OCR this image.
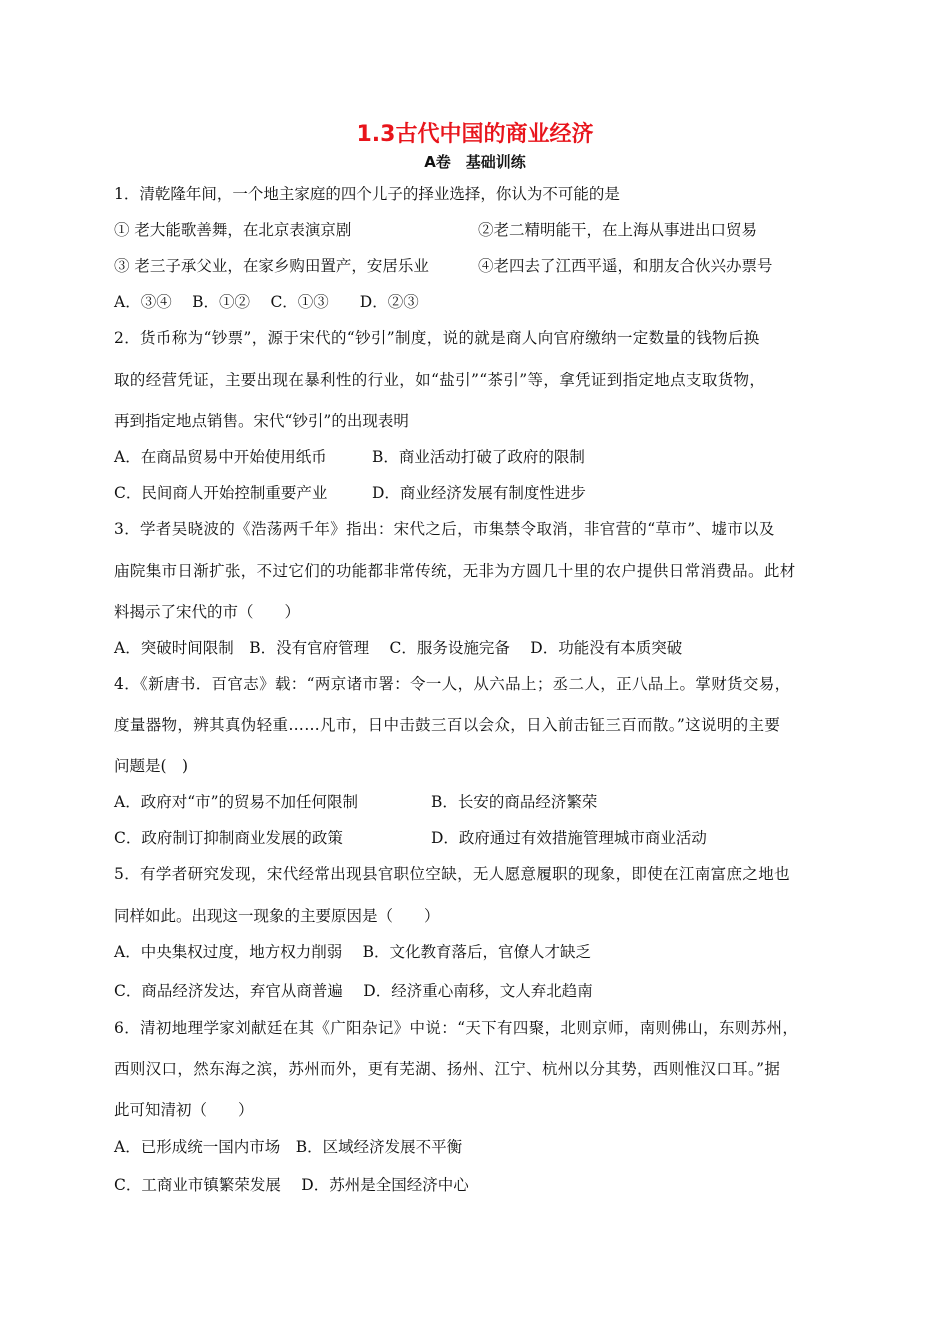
1.3古代中国的商业经济
A卷　基础训练
1．清乾隆年间，一个地主家庭的四个儿子的择业选择，你认为不可能的是
① 老大能歌善舞，在北京表演京剧	②老二精明能干，在上海从事进出口贸易
③ 老三子承父业，在家乡购田置产，安居乐业	④老四去了江西平遥，和朋友合伙兴办票号
A．③④　 B．①②　 C．①③　　D．②③
2．货币称为“钞票”，源于宋代的“钞引”制度，说的就是商人向官府缴纳一定数量的钱物后换
取的经营凭证，主要出现在暴利性的行业，如“盐引”“茶引”等，拿凭证到指定地点支取货物，
再到指定地点销售。宋代“钞引”的出现表明
A．在商品贸易中开始使用纸币	B．商业活动打破了政府的限制
C．民间商人开始控制重要产业	D．商业经济发展有制度性进步
3．学者吴晓波的《浩荡两千年》指出：宋代之后，市集禁令取消，非官营的“草市”、墟市以及
庙院集市日渐扩张，不过它们的功能都非常传统，无非为方圆几十里的农户提供日常消费品。此材
料揭示了宋代的市（　　）
A．突破时间限制　B．没有官府管理　 C．服务设施完备　 D．功能没有本质突破
4．《新唐书．百官志》载：“两京诸市署：令一人，从六品上；丞二人，正八品上。掌财货交易，
度量器物，辨其真伪轻重……凡市，日中击鼓三百以会众，日入前击钲三百而散。”这说明的主要
问题是(　)
A．政府对“市”的贸易不加任何限制	B．长安的商品经济繁荣
C．政府制订抑制商业发展的政策	D．政府通过有效措施管理城市商业活动
5．有学者研究发现，宋代经常出现县官职位空缺，无人愿意履职的现象，即使在江南富庶之地也
同样如此。出现这一现象的主要原因是（　　）
A．中央集权过度，地方权力削弱　 B．文化教育落后，官僚人才缺乏
C．商品经济发达，弃官从商普遍　 D．经济重心南移，文人弃北趋南
6．清初地理学家刘献廷在其《广阳杂记》中说：“天下有四聚，北则京师，南则佛山，东则苏州，
西则汉口，然东海之滨，苏州而外，更有芜湖、扬州、江宁、杭州以分其势，西则惟汉口耳。”据
此可知清初（　　）
A．已形成统一国内市场　B．区域经济发展不平衡
C．工商业市镇繁荣发展　 D．苏州是全国经济中心
